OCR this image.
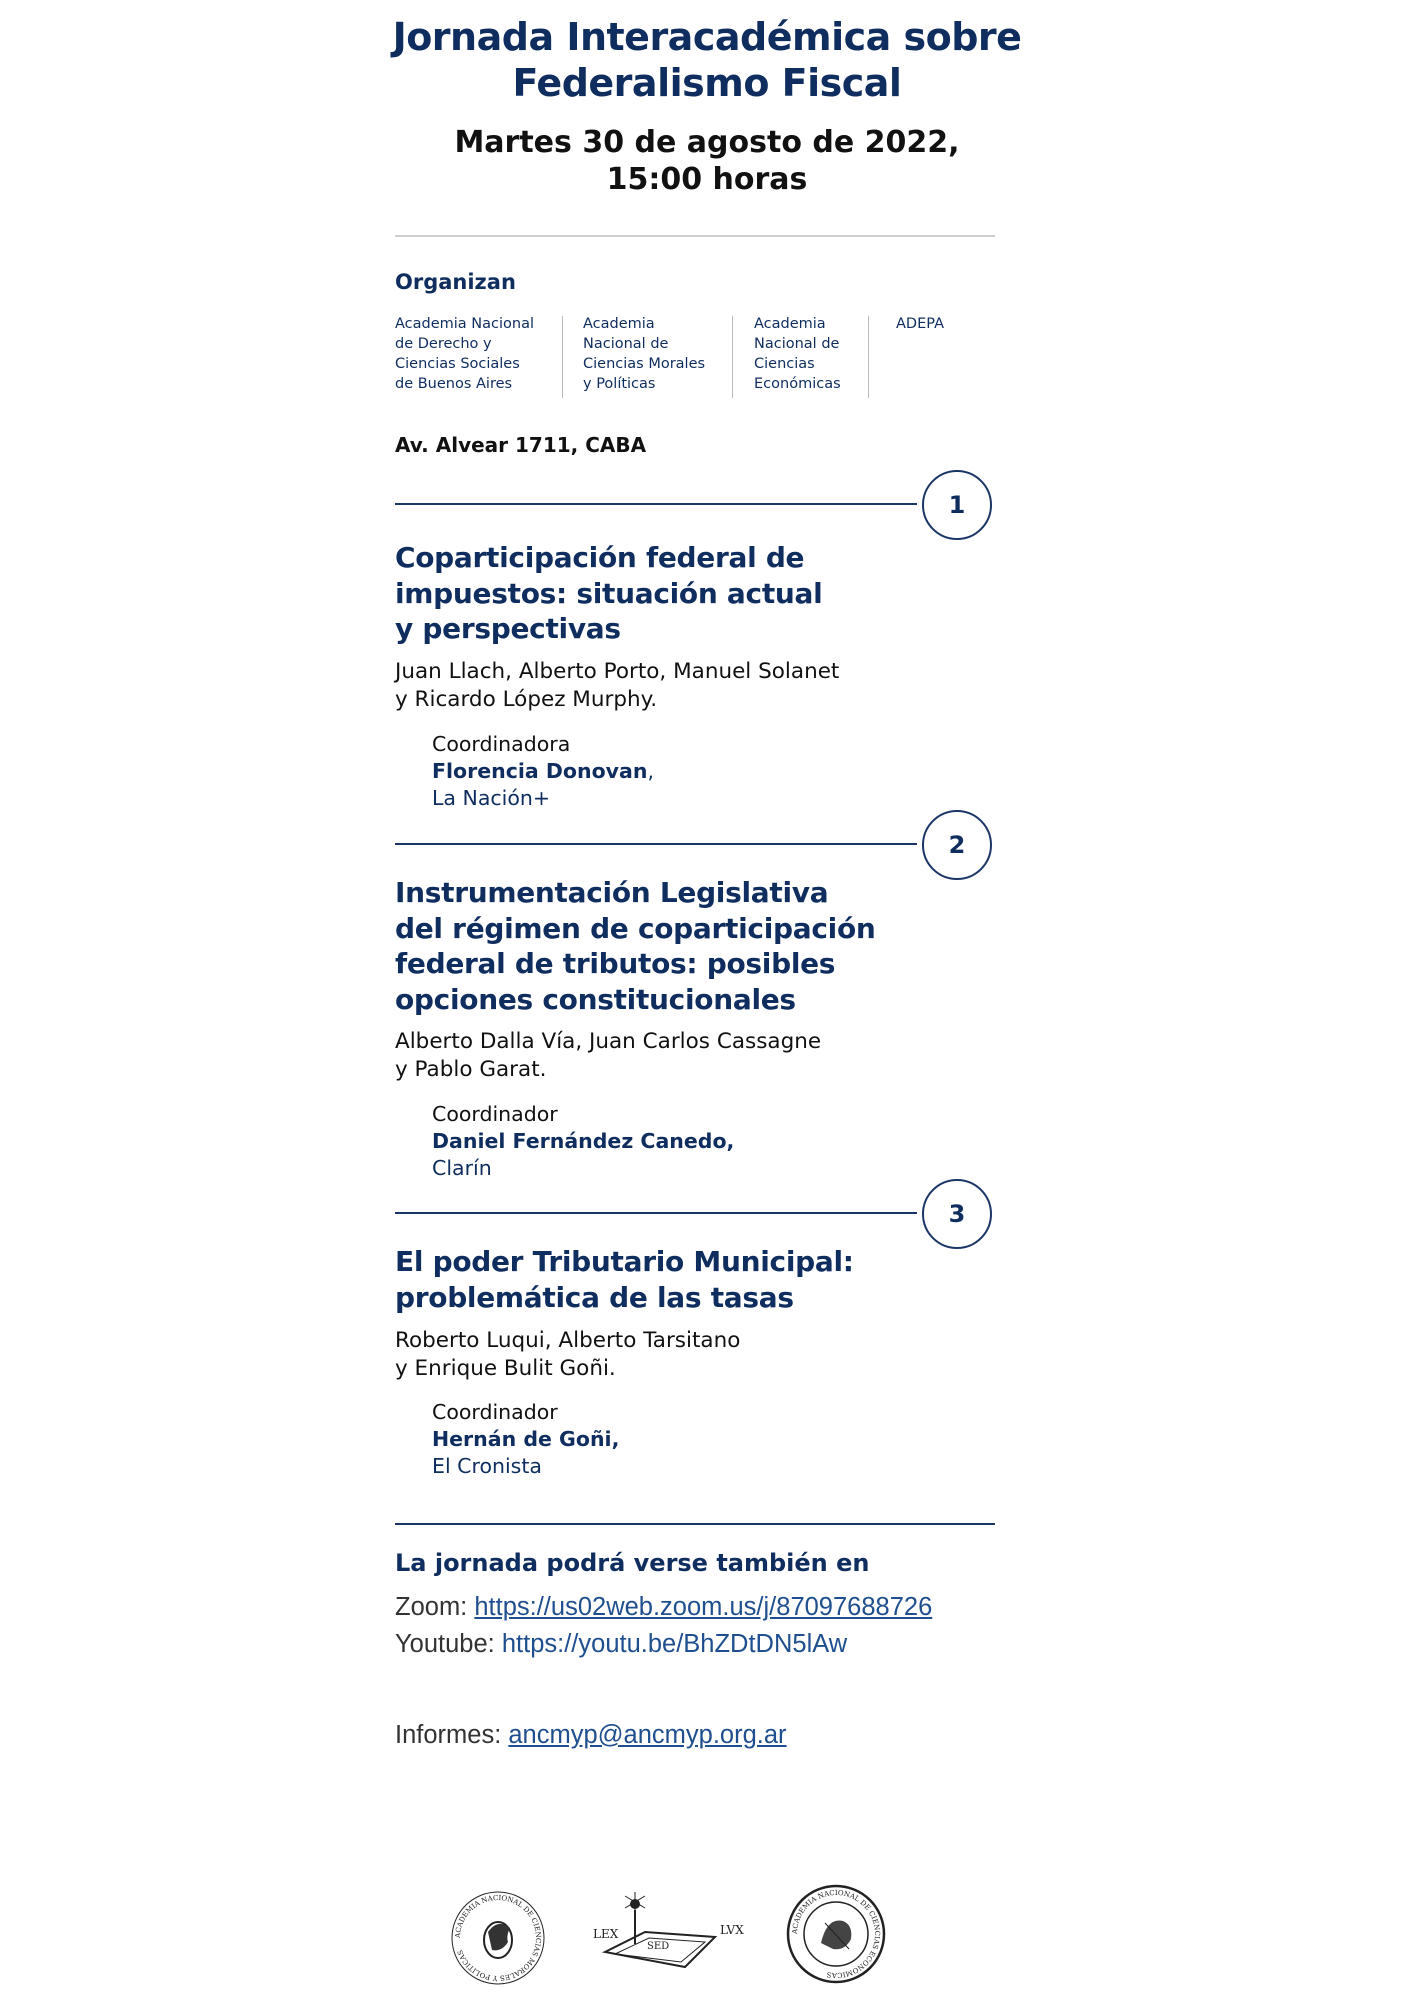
Jornada Interacadémica sobre
Federalismo Fiscal
Martes 30 de agosto de 2022,
15:00 horas
Organizan
Academia Nacional
de Derecho y
Ciencias Sociales
de Buenos Aires
Academia
Nacional de
Ciencias Morales
y Políticas
Academia
Nacional de
Ciencias
Económicas
ADEPA
Av. Alvear 1711, CABA
1
Coparticipación federal de
impuestos: situación actual
y perspectivas
Juan Llach, Alberto Porto, Manuel Solanet
y Ricardo López Murphy.
Coordinadora
Florencia Donovan,
La Nación+
2
Instrumentación Legislativa
del régimen de coparticipación
federal de tributos: posibles
opciones constitucionales
Alberto Dalla Vía, Juan Carlos Cassagne
y Pablo Garat.
Coordinador
Daniel Fernández Canedo,
Clarín
3
El poder Tributario Municipal:
problemática de las tasas
Roberto Luqui, Alberto Tarsitano
y Enrique Bulit Goñi.
Coordinador
Hernán de Goñi,
El Cronista
La jornada podrá verse también en
Zoom: https://us02web.zoom.us/j/87097688726
Youtube: https://youtu.be/BhZDtDN5lAw
Informes: ancmyp@ancmyp.org.ar
ACADEMIA NACIONAL DE CIENCIAS MORALES Y POLITICAS
LEX
SED
LVX	ACADEMIA NACIONAL DE CIENCIAS ECONOMICAS
